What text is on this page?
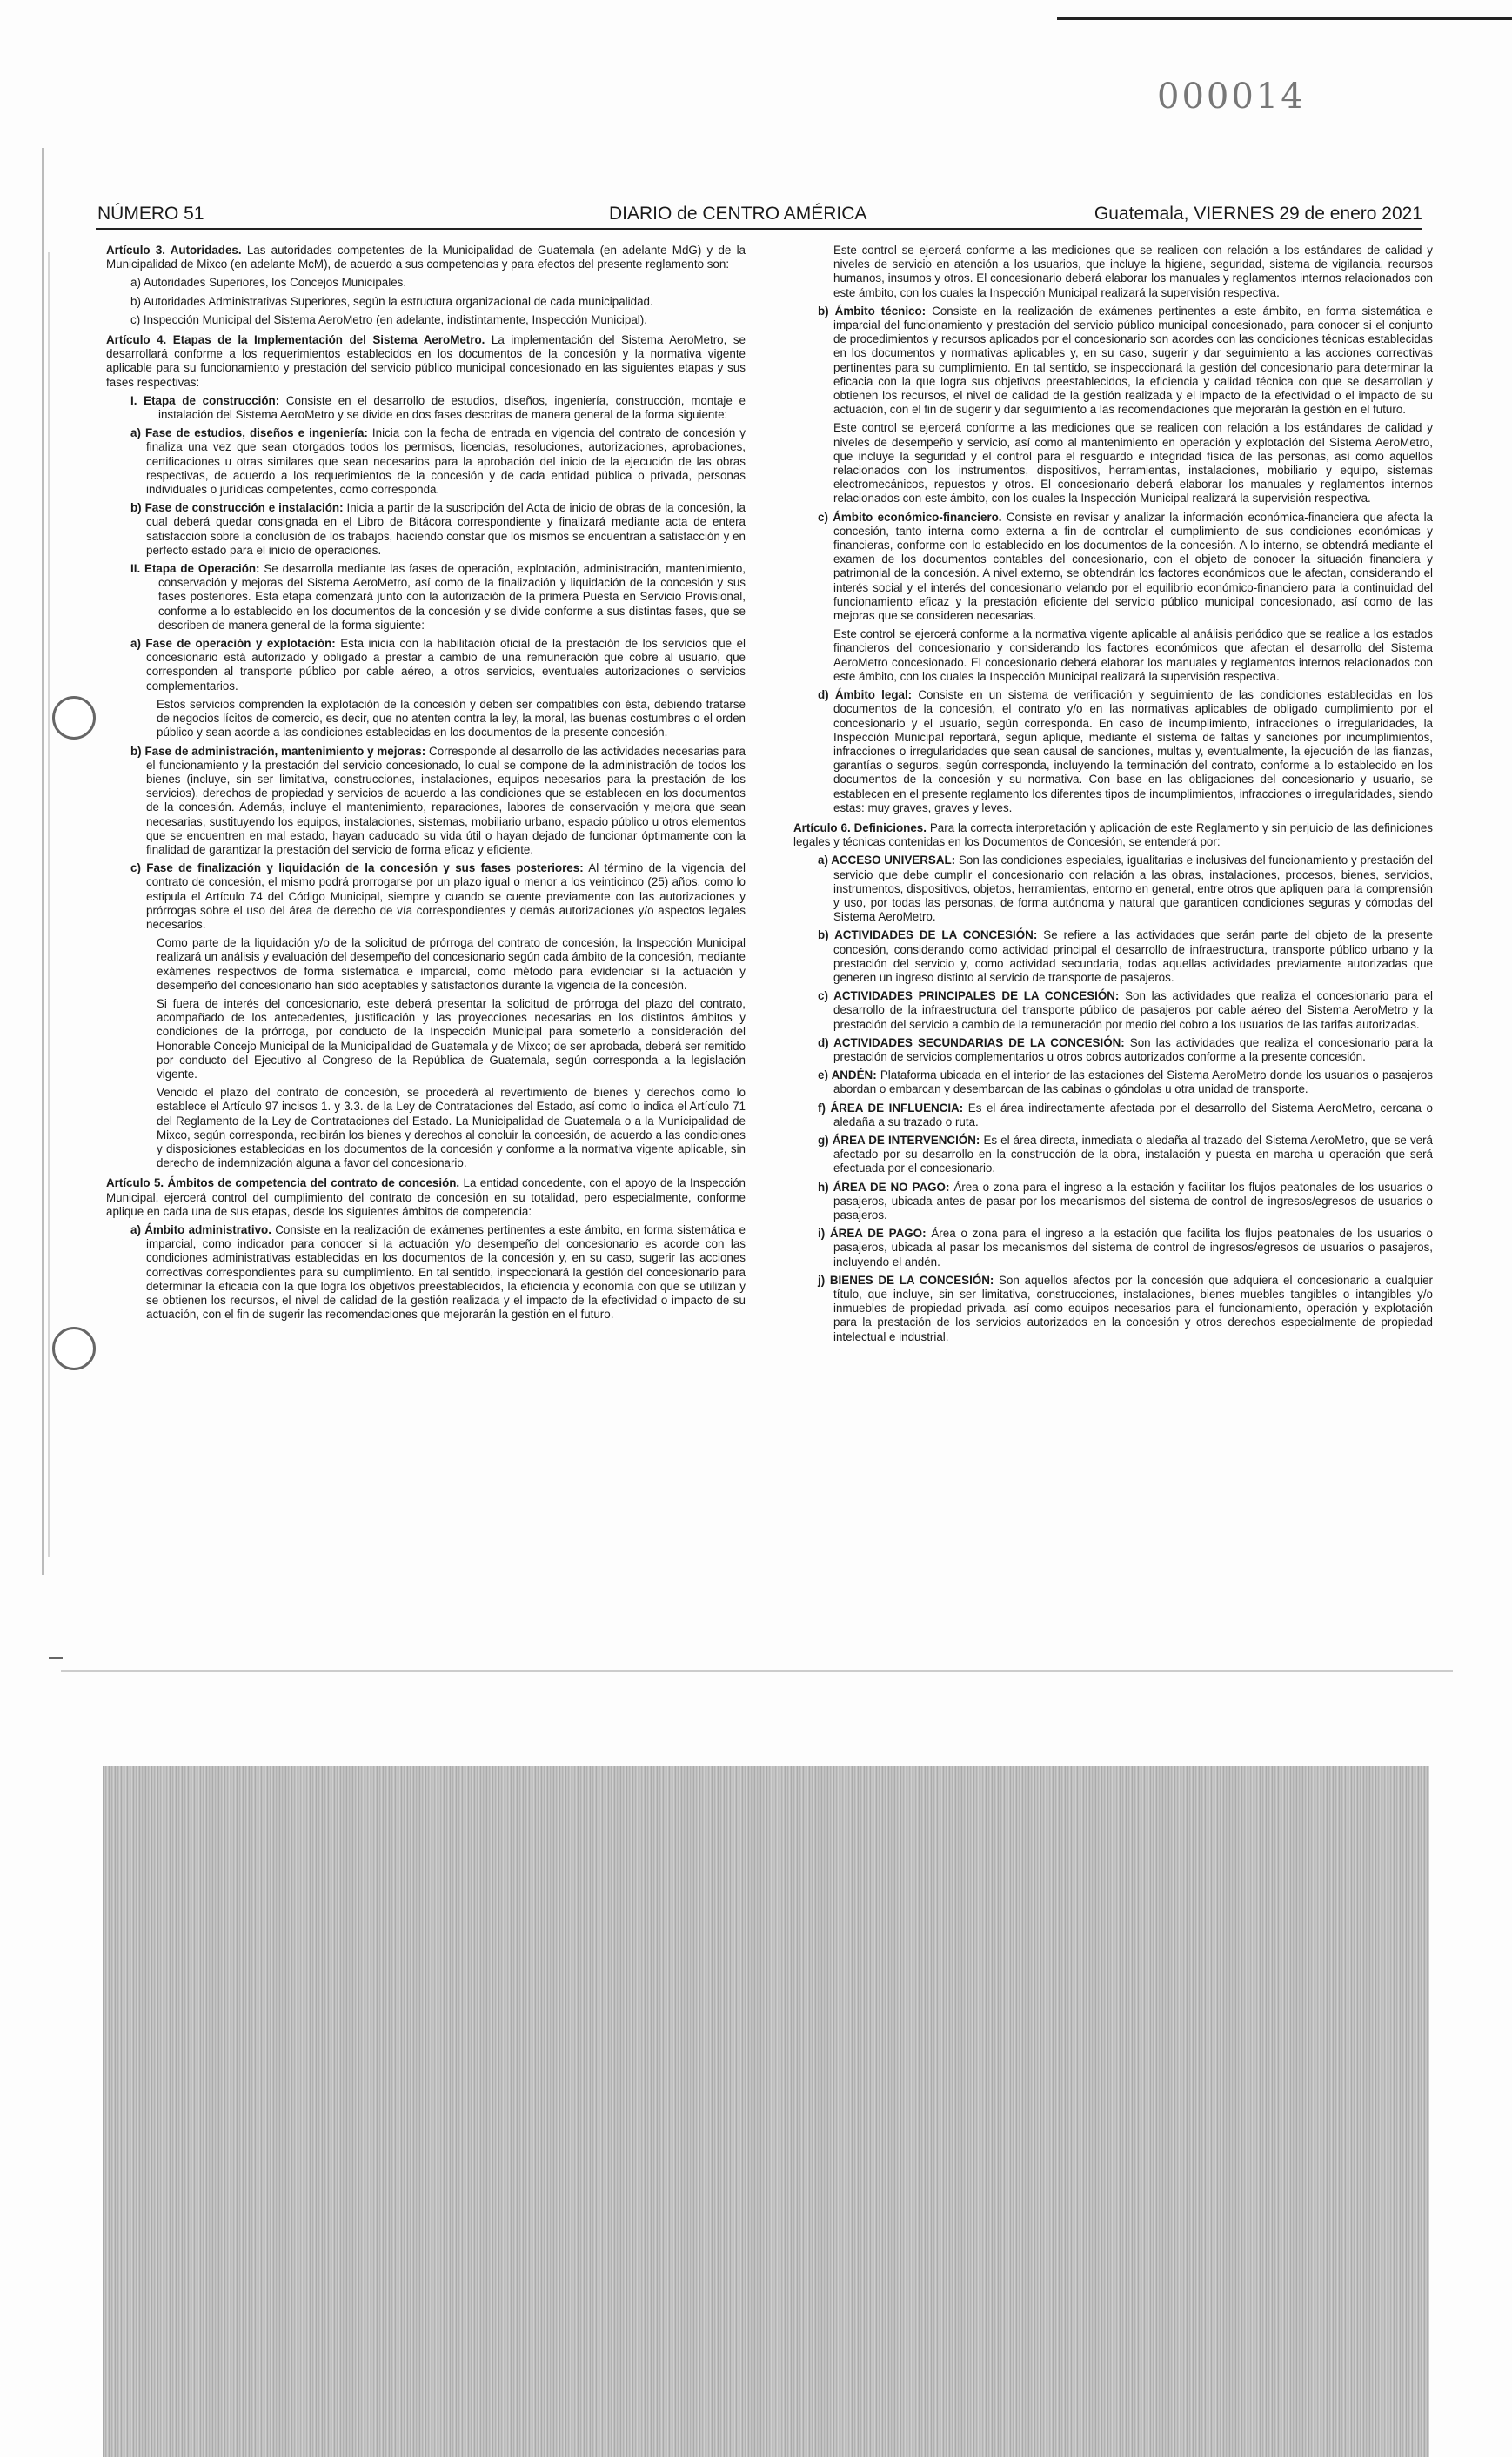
000014
NÚMERO 51	DIARIO de CENTRO AMÉRICA	Guatemala, VIERNES 29 de enero 2021

Artículo 3. Autoridades. Las autoridades competentes de la Municipalidad de Guatemala (en adelante MdG) y de la Municipalidad de Mixco (en adelante McM), de acuerdo a sus competencias y para efectos del presente reglamento son:

a) Autoridades Superiores, los Concejos Municipales.

b) Autoridades Administrativas Superiores, según la estructura organizacional de cada municipalidad.

c) Inspección Municipal del Sistema AeroMetro (en adelante, indistintamente, Inspección Municipal).

Artículo 4. Etapas de la Implementación del Sistema AeroMetro. La implementación del Sistema AeroMetro, se desarrollará conforme a los requerimientos establecidos en los documentos de la concesión y la normativa vigente aplicable para su funcionamiento y prestación del servicio público municipal concesionado en las siguientes etapas y sus fases respectivas:

I. Etapa de construcción: Consiste en el desarrollo de estudios, diseños, ingeniería, construcción, montaje e instalación del Sistema AeroMetro y se divide en dos fases descritas de manera general de la forma siguiente:

a) Fase de estudios, diseños e ingeniería: Inicia con la fecha de entrada en vigencia del contrato de concesión y finaliza una vez que sean otorgados todos los permisos, licencias, resoluciones, autorizaciones, aprobaciones, certificaciones u otras similares que sean necesarios para la aprobación del inicio de la ejecución de las obras respectivas, de acuerdo a los requerimientos de la concesión y de cada entidad pública o privada, personas individuales o jurídicas competentes, como corresponda.

b) Fase de construcción e instalación: Inicia a partir de la suscripción del Acta de inicio de obras de la concesión, la cual deberá quedar consignada en el Libro de Bitácora correspondiente y finalizará mediante acta de entera satisfacción sobre la conclusión de los trabajos, haciendo constar que los mismos se encuentran a satisfacción y en perfecto estado para el inicio de operaciones.

II. Etapa de Operación: Se desarrolla mediante las fases de operación, explotación, administración, mantenimiento, conservación y mejoras del Sistema AeroMetro, así como de la finalización y liquidación de la concesión y sus fases posteriores. Esta etapa comenzará junto con la autorización de la primera Puesta en Servicio Provisional, conforme a lo establecido en los documentos de la concesión y se divide conforme a sus distintas fases, que se describen de manera general de la forma siguiente:

a) Fase de operación y explotación: Esta inicia con la habilitación oficial de la prestación de los servicios que el concesionario está autorizado y obligado a prestar a cambio de una remuneración que cobre al usuario, que corresponden al transporte público por cable aéreo, a otros servicios, eventuales autorizaciones o servicios complementarios.

Estos servicios comprenden la explotación de la concesión y deben ser compatibles con ésta, debiendo tratarse de negocios lícitos de comercio, es decir, que no atenten contra la ley, la moral, las buenas costumbres o el orden público y sean acorde a las condiciones establecidas en los documentos de la presente concesión.

b) Fase de administración, mantenimiento y mejoras: Corresponde al desarrollo de las actividades necesarias para el funcionamiento y la prestación del servicio concesionado, lo cual se compone de la administración de todos los bienes (incluye, sin ser limitativa, construcciones, instalaciones, equipos necesarios para la prestación de los servicios), derechos de propiedad y servicios de acuerdo a las condiciones que se establecen en los documentos de la concesión. Además, incluye el mantenimiento, reparaciones, labores de conservación y mejora que sean necesarias, sustituyendo los equipos, instalaciones, sistemas, mobiliario urbano, espacio público u otros elementos que se encuentren en mal estado, hayan caducado su vida útil o hayan dejado de funcionar óptimamente con la finalidad de garantizar la prestación del servicio de forma eficaz y eficiente.

c) Fase de finalización y liquidación de la concesión y sus fases posteriores: Al término de la vigencia del contrato de concesión, el mismo podrá prorrogarse por un plazo igual o menor a los veinticinco (25) años, como lo estipula el Artículo 74 del Código Municipal, siempre y cuando se cuente previamente con las autorizaciones y prórrogas sobre el uso del área de derecho de vía correspondientes y demás autorizaciones y/o aspectos legales necesarios.

Como parte de la liquidación y/o de la solicitud de prórroga del contrato de concesión, la Inspección Municipal realizará un análisis y evaluación del desempeño del concesionario según cada ámbito de la concesión, mediante exámenes respectivos de forma sistemática e imparcial, como método para evidenciar si la actuación y desempeño del concesionario han sido aceptables y satisfactorios durante la vigencia de la concesión.

Si fuera de interés del concesionario, este deberá presentar la solicitud de prórroga del plazo del contrato, acompañado de los antecedentes, justificación y las proyecciones necesarias en los distintos ámbitos y condiciones de la prórroga, por conducto de la Inspección Municipal para someterlo a consideración del Honorable Concejo Municipal de la Municipalidad de Guatemala y de Mixco; de ser aprobada, deberá ser remitido por conducto del Ejecutivo al Congreso de la República de Guatemala, según corresponda a la legislación vigente.

Vencido el plazo del contrato de concesión, se procederá al revertimiento de bienes y derechos como lo establece el Artículo 97 incisos 1. y 3.3. de la Ley de Contrataciones del Estado, así como lo indica el Artículo 71 del Reglamento de la Ley de Contrataciones del Estado. La Municipalidad de Guatemala o a la Municipalidad de Mixco, según corresponda, recibirán los bienes y derechos al concluir la concesión, de acuerdo a las condiciones y disposiciones establecidas en los documentos de la concesión y conforme a la normativa vigente aplicable, sin derecho de indemnización alguna a favor del concesionario.

Artículo 5. Ámbitos de competencia del contrato de concesión. La entidad concedente, con el apoyo de la Inspección Municipal, ejercerá control del cumplimiento del contrato de concesión en su totalidad, pero especialmente, conforme aplique en cada una de sus etapas, desde los siguientes ámbitos de competencia:

a) Ámbito administrativo. Consiste en la realización de exámenes pertinentes a este ámbito, en forma sistemática e imparcial, como indicador para conocer si la actuación y/o desempeño del concesionario es acorde con las condiciones administrativas establecidas en los documentos de la concesión y, en su caso, sugerir las acciones correctivas correspondientes para su cumplimiento. En tal sentido, inspeccionará la gestión del concesionario para determinar la eficacia con la que logra los objetivos preestablecidos, la eficiencia y economía con que se utilizan y se obtienen los recursos, el nivel de calidad de la gestión realizada y el impacto de la efectividad o impacto de su actuación, con el fin de sugerir las recomendaciones que mejorarán la gestión en el futuro.

Este control se ejercerá conforme a las mediciones que se realicen con relación a los estándares de calidad y niveles de servicio en atención a los usuarios, que incluye la higiene, seguridad, sistema de vigilancia, recursos humanos, insumos y otros. El concesionario deberá elaborar los manuales y reglamentos internos relacionados con este ámbito, con los cuales la Inspección Municipal realizará la supervisión respectiva.

b) Ámbito técnico: Consiste en la realización de exámenes pertinentes a este ámbito, en forma sistemática e imparcial del funcionamiento y prestación del servicio público municipal concesionado, para conocer si el conjunto de procedimientos y recursos aplicados por el concesionario son acordes con las condiciones técnicas establecidas en los documentos y normativas aplicables y, en su caso, sugerir y dar seguimiento a las acciones correctivas pertinentes para su cumplimiento. En tal sentido, se inspeccionará la gestión del concesionario para determinar la eficacia con la que logra sus objetivos preestablecidos, la eficiencia y calidad técnica con que se desarrollan y obtienen los recursos, el nivel de calidad de la gestión realizada y el impacto de la efectividad o el impacto de su actuación, con el fin de sugerir y dar seguimiento a las recomendaciones que mejorarán la gestión en el futuro.

Este control se ejercerá conforme a las mediciones que se realicen con relación a los estándares de calidad y niveles de desempeño y servicio, así como al mantenimiento en operación y explotación del Sistema AeroMetro, que incluye la seguridad y el control para el resguardo e integridad física de las personas, así como aquellos relacionados con los instrumentos, dispositivos, herramientas, instalaciones, mobiliario y equipo, sistemas electromecánicos, repuestos y otros. El concesionario deberá elaborar los manuales y reglamentos internos relacionados con este ámbito, con los cuales la Inspección Municipal realizará la supervisión respectiva.

c) Ámbito económico-financiero. Consiste en revisar y analizar la información económica-financiera que afecta la concesión, tanto interna como externa a fin de controlar el cumplimiento de sus condiciones económicas y financieras, conforme con lo establecido en los documentos de la concesión. A lo interno, se obtendrá mediante el examen de los documentos contables del concesionario, con el objeto de conocer la situación financiera y patrimonial de la concesión. A nivel externo, se obtendrán los factores económicos que le afectan, considerando el interés social y el interés del concesionario velando por el equilibrio económico-financiero para la continuidad del funcionamiento eficaz y la prestación eficiente del servicio público municipal concesionado, así como de las mejoras que se consideren necesarias.

Este control se ejercerá conforme a la normativa vigente aplicable al análisis periódico que se realice a los estados financieros del concesionario y considerando los factores económicos que afectan el desarrollo del Sistema AeroMetro concesionado. El concesionario deberá elaborar los manuales y reglamentos internos relacionados con este ámbito, con los cuales la Inspección Municipal realizará la supervisión respectiva.

d) Ámbito legal: Consiste en un sistema de verificación y seguimiento de las condiciones establecidas en los documentos de la concesión, el contrato y/o en las normativas aplicables de obligado cumplimiento por el concesionario y el usuario, según corresponda. En caso de incumplimiento, infracciones o irregularidades, la Inspección Municipal reportará, según aplique, mediante el sistema de faltas y sanciones por incumplimientos, infracciones o irregularidades que sean causal de sanciones, multas y, eventualmente, la ejecución de las fianzas, garantías o seguros, según corresponda, incluyendo la terminación del contrato, conforme a lo establecido en los documentos de la concesión y su normativa. Con base en las obligaciones del concesionario y usuario, se establecen en el presente reglamento los diferentes tipos de incumplimientos, infracciones o irregularidades, siendo estas: muy graves, graves y leves.

Artículo 6. Definiciones. Para la correcta interpretación y aplicación de este Reglamento y sin perjuicio de las definiciones legales y técnicas contenidas en los Documentos de Concesión, se entenderá por:

a) ACCESO UNIVERSAL: Son las condiciones especiales, igualitarias e inclusivas del funcionamiento y prestación del servicio que debe cumplir el concesionario con relación a las obras, instalaciones, procesos, bienes, servicios, instrumentos, dispositivos, objetos, herramientas, entorno en general, entre otros que apliquen para la comprensión y uso, por todas las personas, de forma autónoma y natural que garanticen condiciones seguras y cómodas del Sistema AeroMetro.

b) ACTIVIDADES DE LA CONCESIÓN: Se refiere a las actividades que serán parte del objeto de la presente concesión, considerando como actividad principal el desarrollo de infraestructura, transporte público urbano y la prestación del servicio y, como actividad secundaria, todas aquellas actividades previamente autorizadas que generen un ingreso distinto al servicio de transporte de pasajeros.

c) ACTIVIDADES PRINCIPALES DE LA CONCESIÓN: Son las actividades que realiza el concesionario para el desarrollo de la infraestructura del transporte público de pasajeros por cable aéreo del Sistema AeroMetro y la prestación del servicio a cambio de la remuneración por medio del cobro a los usuarios de las tarifas autorizadas.

d) ACTIVIDADES SECUNDARIAS DE LA CONCESIÓN: Son las actividades que realiza el concesionario para la prestación de servicios complementarios u otros cobros autorizados conforme a la presente concesión.

e) ANDÉN: Plataforma ubicada en el interior de las estaciones del Sistema AeroMetro donde los usuarios o pasajeros abordan o embarcan y desembarcan de las cabinas o góndolas u otra unidad de transporte.

f) ÁREA DE INFLUENCIA: Es el área indirectamente afectada por el desarrollo del Sistema AeroMetro, cercana o aledaña a su trazado o ruta.

g) ÁREA DE INTERVENCIÓN: Es el área directa, inmediata o aledaña al trazado del Sistema AeroMetro, que se verá afectado por su desarrollo en la construcción de la obra, instalación y puesta en marcha u operación que será efectuada por el concesionario.

h) ÁREA DE NO PAGO: Área o zona para el ingreso a la estación y facilitar los flujos peatonales de los usuarios o pasajeros, ubicada antes de pasar por los mecanismos del sistema de control de ingresos/egresos de usuarios o pasajeros.

i) ÁREA DE PAGO: Área o zona para el ingreso a la estación que facilita los flujos peatonales de los usuarios o pasajeros, ubicada al pasar los mecanismos del sistema de control de ingresos/egresos de usuarios o pasajeros, incluyendo el andén.

j) BIENES DE LA CONCESIÓN: Son aquellos afectos por la concesión que adquiera el concesionario a cualquier título, que incluye, sin ser limitativa, construcciones, instalaciones, bienes muebles tangibles o intangibles y/o inmuebles de propiedad privada, así como equipos necesarios para el funcionamiento, operación y explotación para la prestación de los servicios autorizados en la concesión y otros derechos especialmente de propiedad intelectual e industrial.
